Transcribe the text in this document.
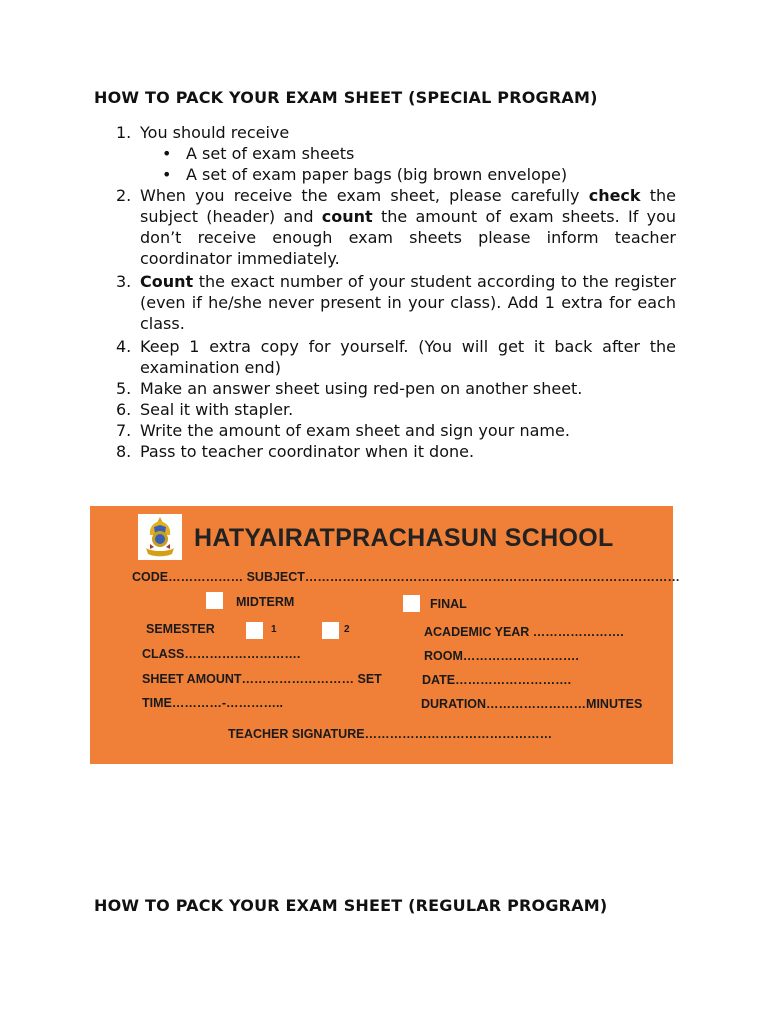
HOW TO PACK YOUR EXAM SHEET (SPECIAL PROGRAM)
1. You should receive
• A set of exam sheets
• A set of exam paper bags (big brown envelope)
2. When you receive the exam sheet, please carefully check the subject (header) and count the amount of exam sheets. If you don’t receive enough exam sheets please inform teacher coordinator immediately.
3. Count the exact number of your student according to the register (even if he/she never present in your class). Add 1 extra for each class.
4. Keep 1 extra copy for yourself. (You will get it back after the examination end)
5. Make an answer sheet using red-pen on another sheet.
6. Seal it with stapler.
7. Write the amount of exam sheet and sign your name.
8. Pass to teacher coordinator when it done.
HATYAIRATPRACHASUN SCHOOL
CODE……………… SUBJECT………………………………………………………………………………
MIDTERM	FINAL
SEMESTER	1	2	ACADEMIC YEAR ………………….
CLASS……………………….	ROOM……………………….
SHEET AMOUNT……………………… SET	DATE……………………….
TIME…………-…………..	DURATION……………………MINUTES
TEACHER SIGNATURE………………………………………
HOW TO PACK YOUR EXAM SHEET (REGULAR PROGRAM)
